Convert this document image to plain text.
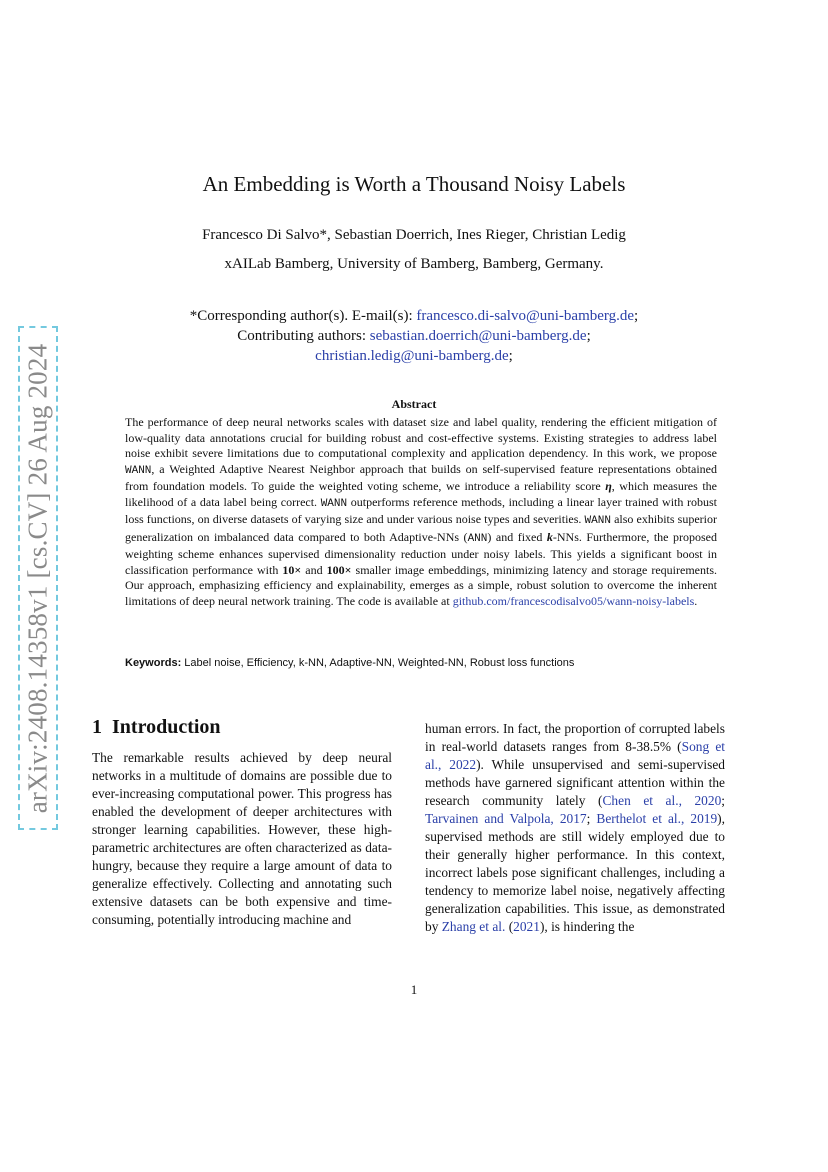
arXiv:2408.14358v1 [cs.CV] 26 Aug 2024
An Embedding is Worth a Thousand Noisy Labels
Francesco Di Salvo*, Sebastian Doerrich, Ines Rieger, Christian Ledig
xAILab Bamberg, University of Bamberg, Bamberg, Germany.
*Corresponding author(s). E-mail(s): francesco.di-salvo@uni-bamberg.de;
Contributing authors: sebastian.doerrich@uni-bamberg.de;
christian.ledig@uni-bamberg.de;
Abstract
The performance of deep neural networks scales with dataset size and label quality, rendering the efficient mitigation of low-quality data annotations crucial for building robust and cost-effective systems. Existing strategies to address label noise exhibit severe limitations due to computational complexity and application dependency. In this work, we propose WANN, a Weighted Adaptive Nearest Neighbor approach that builds on self-supervised feature representations obtained from foundation models. To guide the weighted voting scheme, we introduce a reliability score η, which measures the likelihood of a data label being correct. WANN outperforms reference methods, including a linear layer trained with robust loss functions, on diverse datasets of varying size and under various noise types and severities. WANN also exhibits superior generalization on imbalanced data compared to both Adaptive-NNs (ANN) and fixed k-NNs. Furthermore, the proposed weighting scheme enhances supervised dimensionality reduction under noisy labels. This yields a significant boost in classification performance with 10× and 100× smaller image embeddings, minimizing latency and storage requirements. Our approach, emphasizing efficiency and explainability, emerges as a simple, robust solution to overcome the inherent limitations of deep neural network training. The code is available at github.com/francescodisalvo05/wann-noisy-labels.
Keywords: Label noise, Efficiency, k-NN, Adaptive-NN, Weighted-NN, Robust loss functions
1 Introduction
The remarkable results achieved by deep neural networks in a multitude of domains are possible due to ever-increasing computational power. This progress has enabled the development of deeper architectures with stronger learning capabilities. However, these high-parametric architectures are often characterized as data-hungry, because they require a large amount of data to generalize effectively. Collecting and annotating such extensive datasets can be both expensive and time-consuming, potentially introducing machine and
human errors. In fact, the proportion of corrupted labels in real-world datasets ranges from 8-38.5% (Song et al., 2022). While unsupervised and semi-supervised methods have garnered significant attention within the research community lately (Chen et al., 2020; Tarvainen and Valpola, 2017; Berthelot et al., 2019), supervised methods are still widely employed due to their generally higher performance. In this context, incorrect labels pose significant challenges, including a tendency to memorize label noise, negatively affecting generalization capabilities. This issue, as demonstrated by Zhang et al. (2021), is hindering the
1
